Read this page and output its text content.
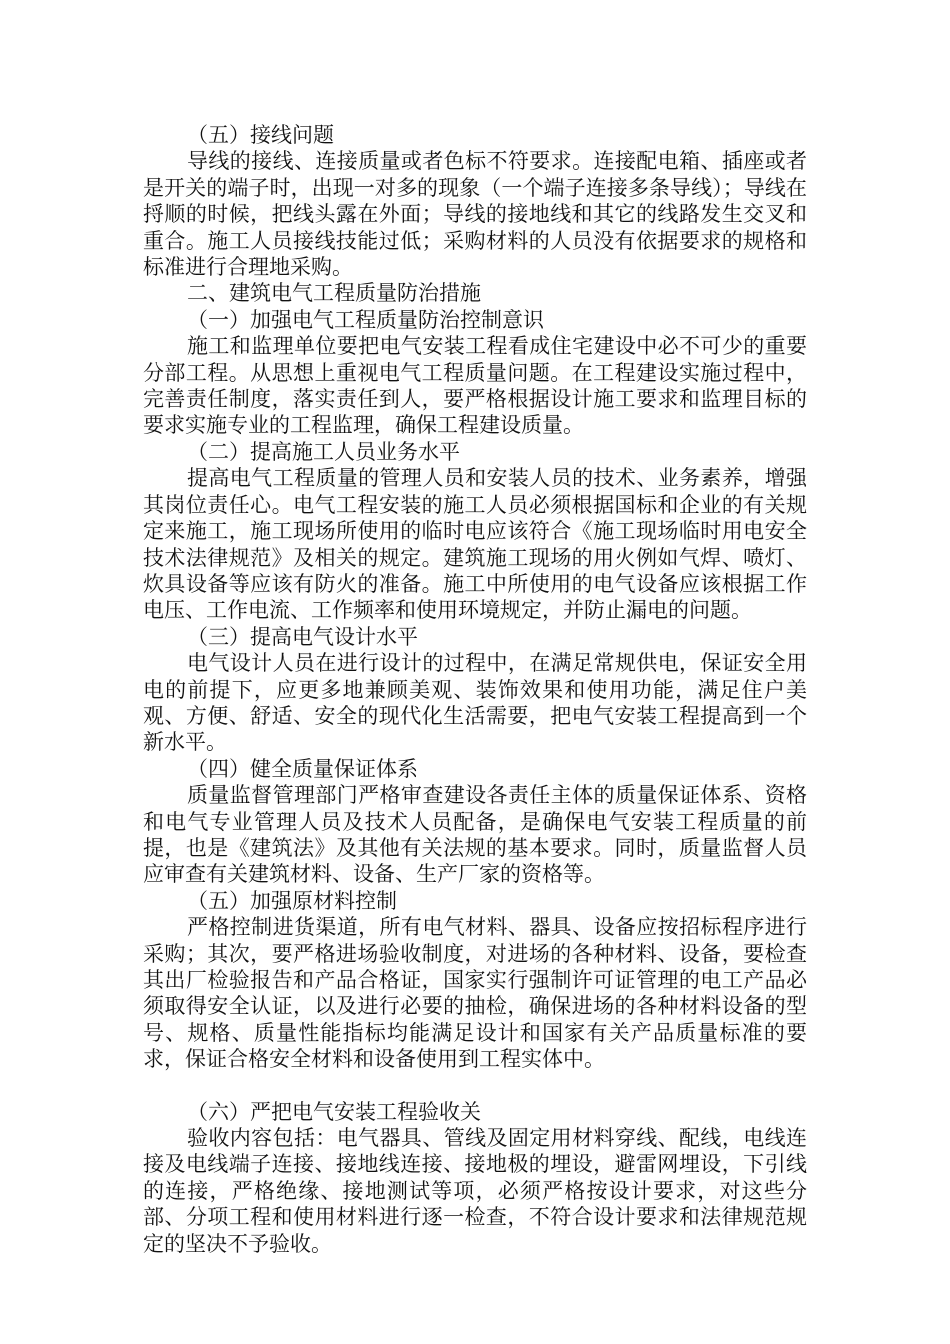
（五）接线问题

导线的接线、连接质量或者色标不符要求。连接配电箱、插座或者是开关的端子时，出现一对多的现象（一个端子连接多条导线）；导线在捋顺的时候，把线头露在外面；导线的接地线和其它的线路发生交叉和重合。施工人员接线技能过低；采购材料的人员没有依据要求的规格和标准进行合理地采购。

二、建筑电气工程质量防治措施

（一）加强电气工程质量防治控制意识

施工和监理单位要把电气安装工程看成住宅建设中必不可少的重要分部工程。从思想上重视电气工程质量问题。在工程建设实施过程中，完善责任制度，落实责任到人，要严格根据设计施工要求和监理目标的要求实施专业的工程监理，确保工程建设质量。

（二）提高施工人员业务水平

提高电气工程质量的管理人员和安装人员的技术、业务素养，增强其岗位责任心。电气工程安装的施工人员必须根据国标和企业的有关规定来施工，施工现场所使用的临时电应该符合《施工现场临时用电安全技术法律规范》及相关的规定。建筑施工现场的用火例如气焊、喷灯、炊具设备等应该有防火的准备。施工中所使用的电气设备应该根据工作电压、工作电流、工作频率和使用环境规定，并防止漏电的问题。

（三）提高电气设计水平

电气设计人员在进行设计的过程中，在满足常规供电，保证安全用电的前提下，应更多地兼顾美观、装饰效果和使用功能，满足住户美观、方便、舒适、安全的现代化生活需要，把电气安装工程提高到一个新水平。

（四）健全质量保证体系

质量监督管理部门严格审查建设各责任主体的质量保证体系、资格和电气专业管理人员及技术人员配备，是确保电气安装工程质量的前提，也是《建筑法》及其他有关法规的基本要求。同时，质量监督人员应审查有关建筑材料、设备、生产厂家的资格等。

（五）加强原材料控制

严格控制进货渠道，所有电气材料、器具、设备应按招标程序进行采购；其次，要严格进场验收制度，对进场的各种材料、设备，要检查其出厂检验报告和产品合格证，国家实行强制许可证管理的电工产品必须取得安全认证，以及进行必要的抽检，确保进场的各种材料设备的型号、规格、质量性能指标均能满足设计和国家有关产品质量标准的要求，保证合格安全材料和设备使用到工程实体中。

（六）严把电气安装工程验收关

验收内容包括：电气器具、管线及固定用材料穿线、配线，电线连接及电线端子连接、接地线连接、接地极的埋设，避雷网埋设，下引线的连接，严格绝缘、接地测试等项，必须严格按设计要求，对这些分部、分项工程和使用材料进行逐一检查，不符合设计要求和法律规范规定的坚决不予验收。
